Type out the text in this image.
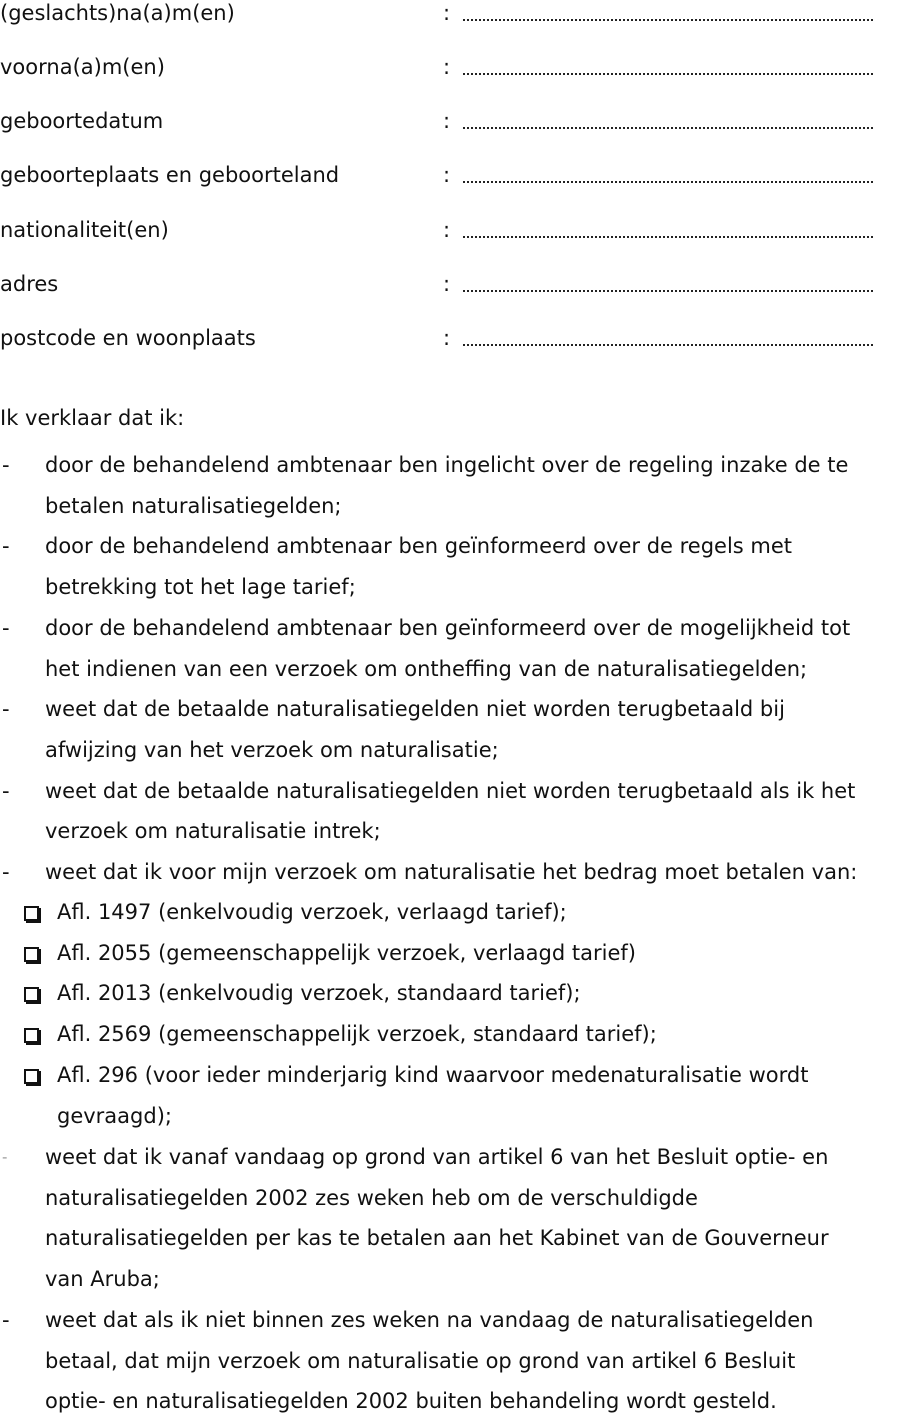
(geslachts)na(a)m(en)	:
voorna(a)m(en)	:
geboortedatum	:
geboorteplaats en geboorteland	:
nationaliteit(en)	:
adres	:
postcode en woonplaats	:
Ik verklaar dat ik:
- door de behandelend ambtenaar ben ingelicht over de regeling inzake de te
betalen naturalisatiegelden;
- door de behandelend ambtenaar ben geïnformeerd over de regels met
betrekking tot het lage tarief;
- door de behandelend ambtenaar ben geïnformeerd over de mogelijkheid tot
het indienen van een verzoek om ontheffing van de naturalisatiegelden;
- weet dat de betaalde naturalisatiegelden niet worden terugbetaald bij
afwijzing van het verzoek om naturalisatie;
- weet dat de betaalde naturalisatiegelden niet worden terugbetaald als ik het
verzoek om naturalisatie intrek;
- weet dat ik voor mijn verzoek om naturalisatie het bedrag moet betalen van:
Afl. 1497 (enkelvoudig verzoek, verlaagd tarief);
Afl. 2055 (gemeenschappelijk verzoek, verlaagd tarief)
Afl. 2013 (enkelvoudig verzoek, standaard tarief);
Afl. 2569 (gemeenschappelijk verzoek, standaard tarief);
Afl. 296 (voor ieder minderjarig kind waarvoor medenaturalisatie wordt
gevraagd);
- weet dat ik vanaf vandaag op grond van artikel 6 van het Besluit optie- en
naturalisatiegelden 2002 zes weken heb om de verschuldigde
naturalisatiegelden per kas te betalen aan het Kabinet van de Gouverneur
van Aruba;
- weet dat als ik niet binnen zes weken na vandaag de naturalisatiegelden
betaal, dat mijn verzoek om naturalisatie op grond van artikel 6 Besluit
optie- en naturalisatiegelden 2002 buiten behandeling wordt gesteld.
